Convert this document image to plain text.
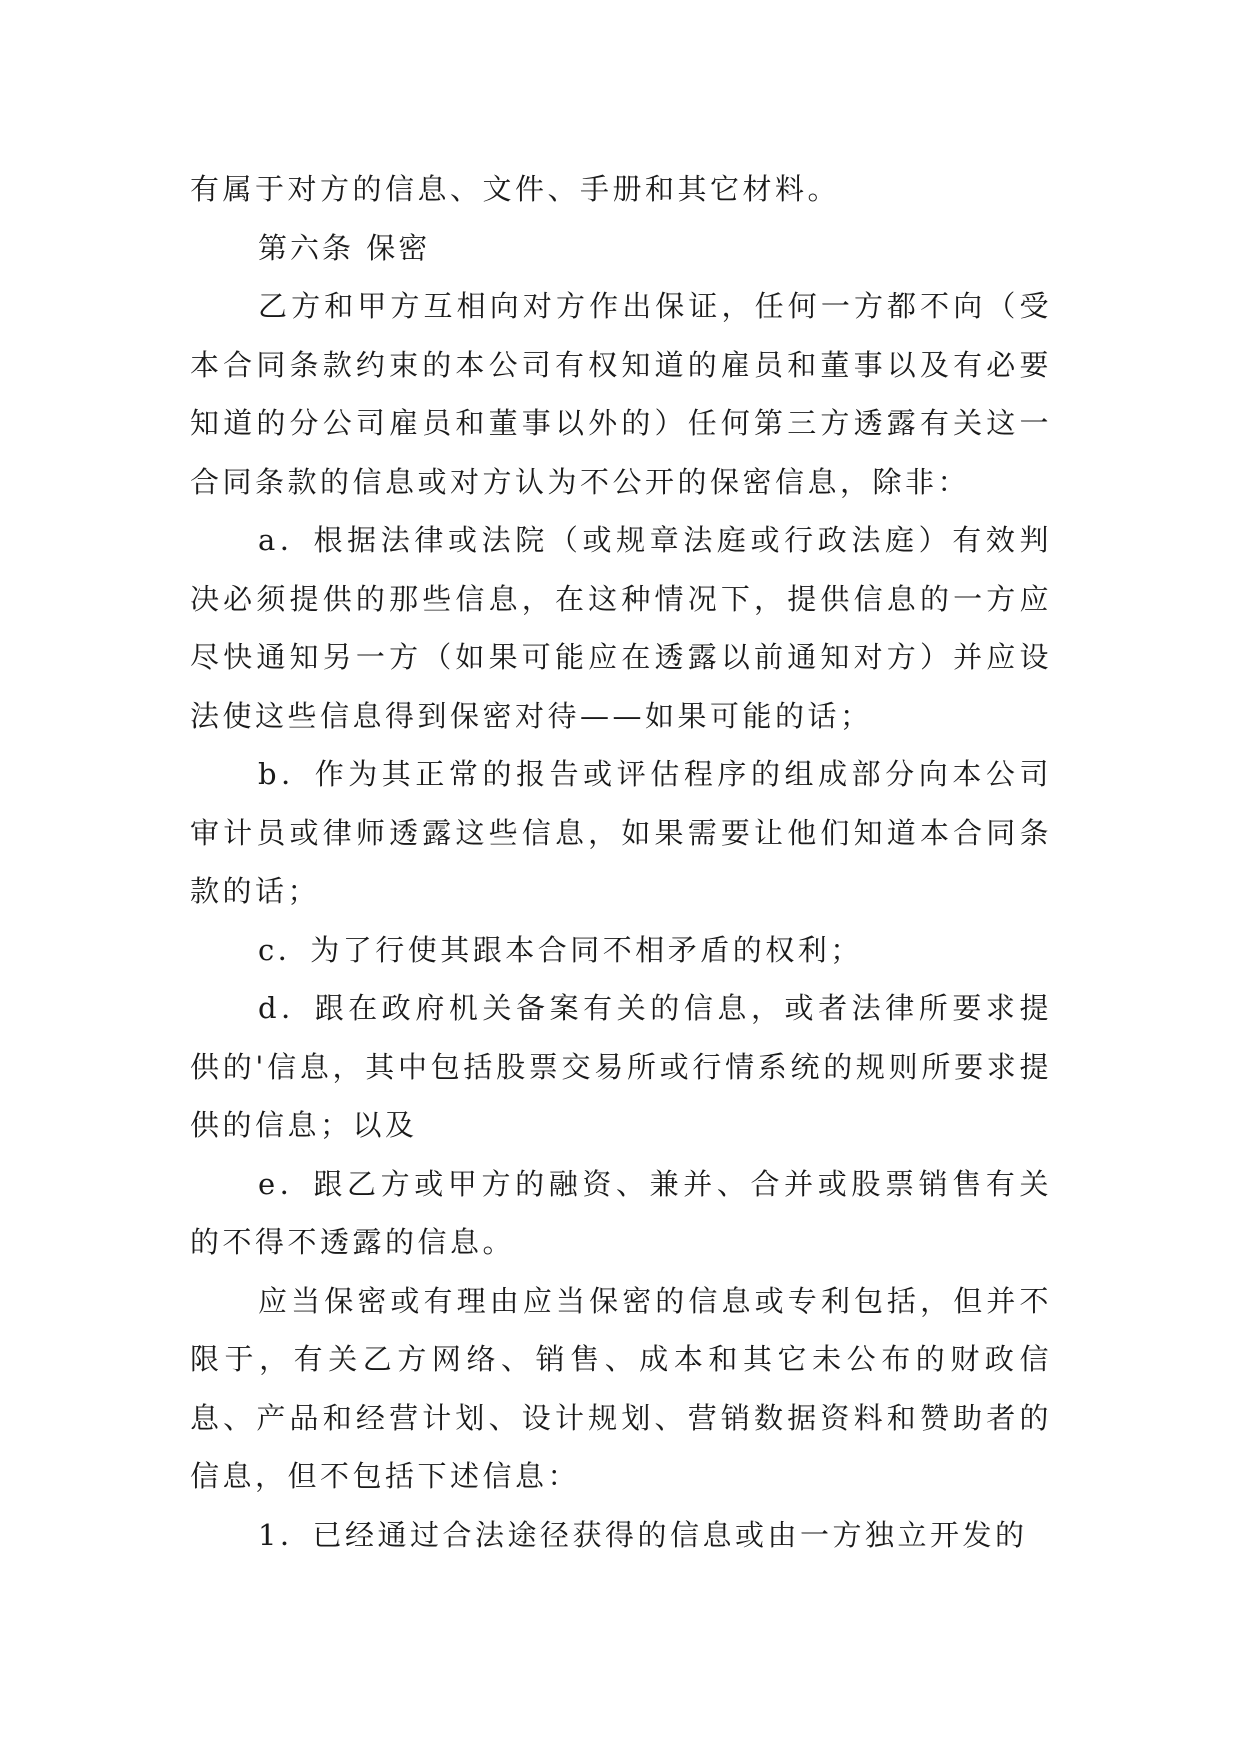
有属于对方的信息、文件、手册和其它材料。

第六条 保密

乙方和甲方互相向对方作出保证，任何一方都不向（受本合同条款约束的本公司有权知道的雇员和董事以及有必要知道的分公司雇员和董事以外的）任何第三方透露有关这一合同条款的信息或对方认为不公开的保密信息，除非：

a．根据法律或法院（或规章法庭或行政法庭）有效判决必须提供的那些信息，在这种情况下，提供信息的一方应尽快通知另一方（如果可能应在透露以前通知对方）并应设法使这些信息得到保密对待——如果可能的话；

b．作为其正常的报告或评估程序的组成部分向本公司审计员或律师透露这些信息，如果需要让他们知道本合同条款的话；

c．为了行使其跟本合同不相矛盾的权利；

d．跟在政府机关备案有关的信息，或者法律所要求提供的'信息，其中包括股票交易所或行情系统的规则所要求提供的信息；以及

e．跟乙方或甲方的融资、兼并、合并或股票销售有关的不得不透露的信息。

应当保密或有理由应当保密的信息或专利包括，但并不限于，有关乙方网络、销售、成本和其它未公布的财政信息、产品和经营计划、设计规划、营销数据资料和赞助者的信息，但不包括下述信息：

1．已经通过合法途径获得的信息或由一方独立开发的
